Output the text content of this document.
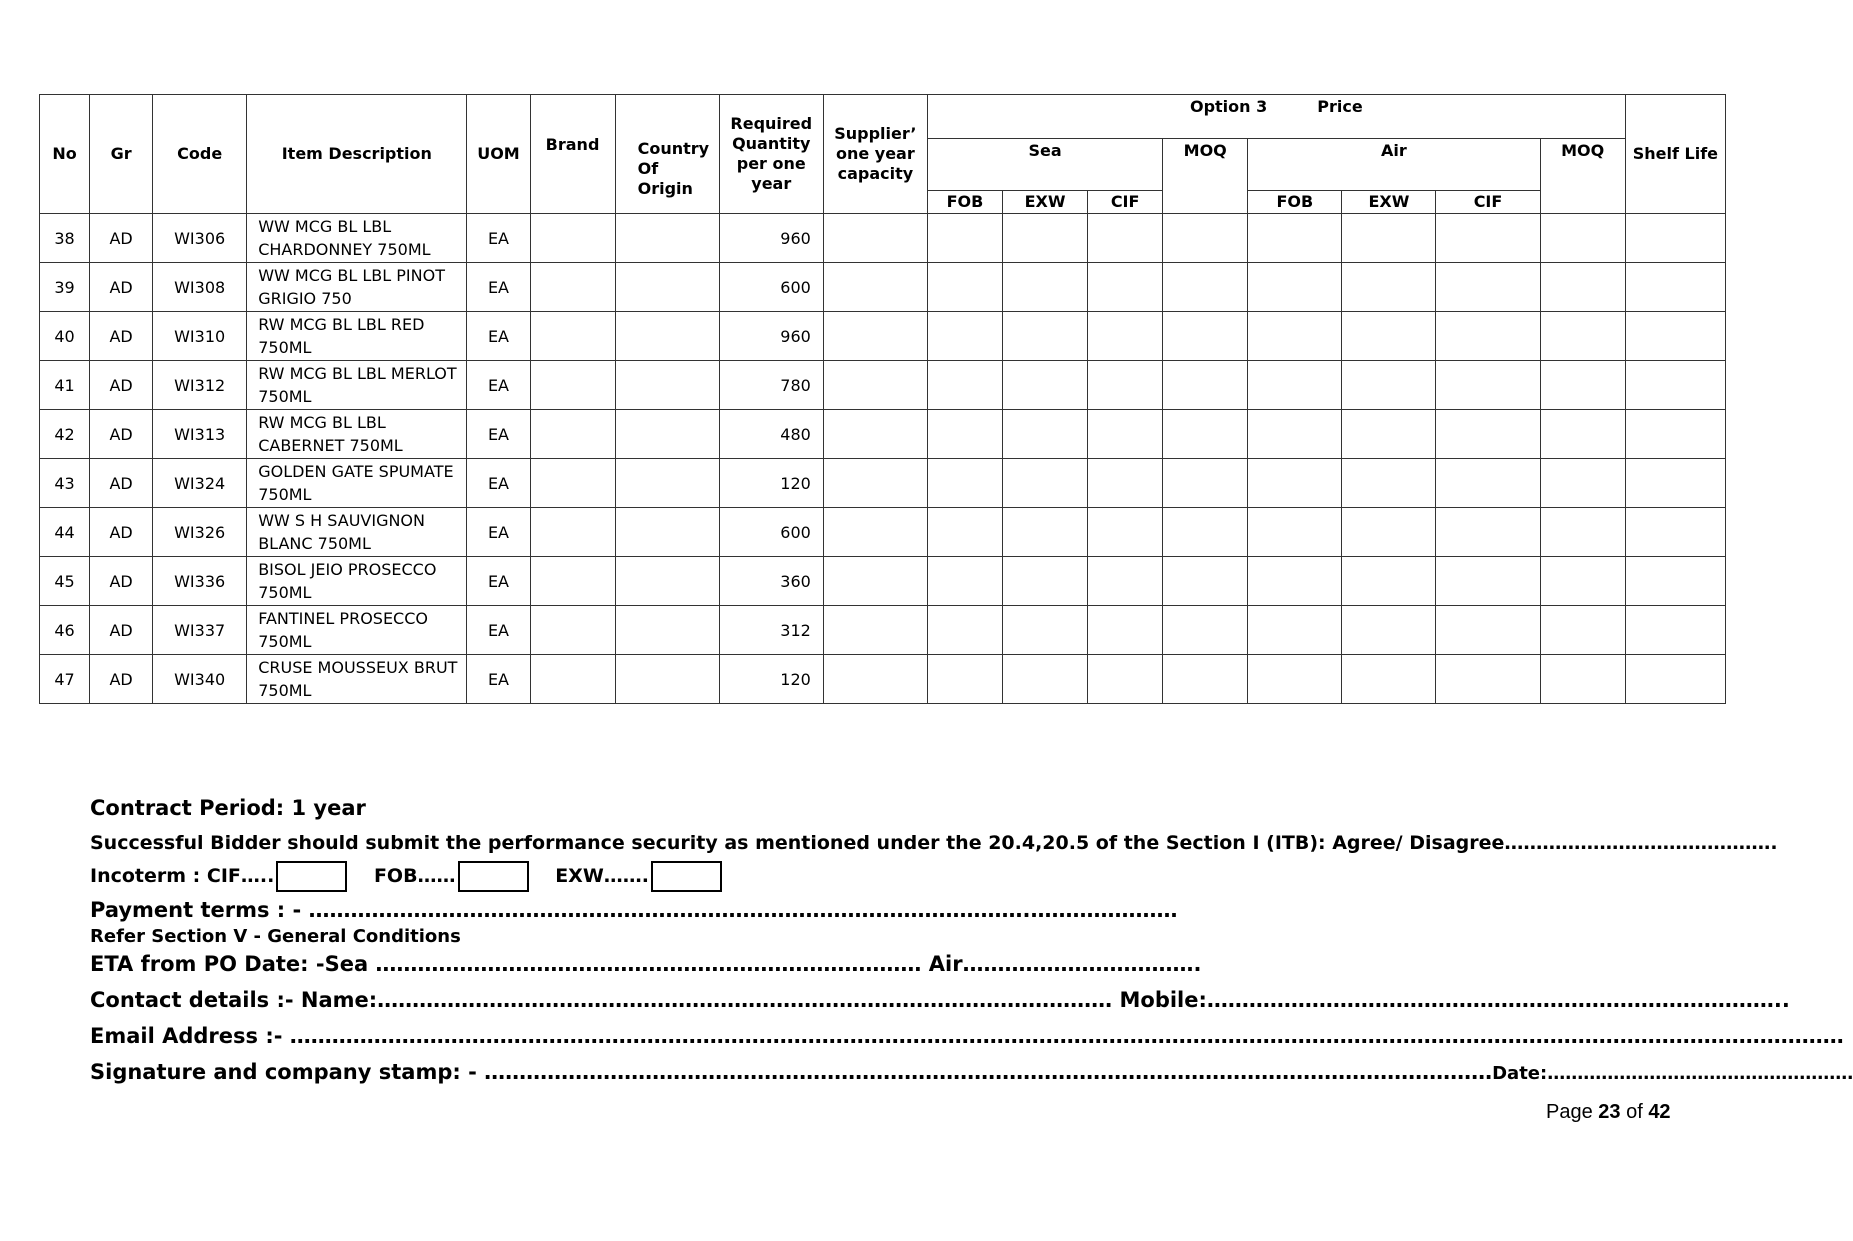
No	Gr	Code	Item Description	UOM	Brand	Country Of Origin	Required Quantity per one year	Supplier’ one year capacity	Option 3 Price								Shelf Life
									Sea			MOQ	Air			MOQ	
									FOB	EXW	CIF		FOB	EXW	CIF		
38	AD	WI306	WW MCG BL LBL CHARDONNEY 750ML	EA			960										
39	AD	WI308	WW MCG BL LBL PINOT GRIGIO 750	EA			600										
40	AD	WI310	RW MCG BL LBL RED 750ML	EA			960										
41	AD	WI312	RW MCG BL LBL MERLOT 750ML	EA			780										
42	AD	WI313	RW MCG BL LBL CABERNET 750ML	EA			480										
43	AD	WI324	GOLDEN GATE SPUMATE 750ML	EA			120										
44	AD	WI326	WW S H SAUVIGNON BLANC 750ML	EA			600										
45	AD	WI336	BISOL JEIO PROSECCO 750ML	EA			360										
46	AD	WI337	FANTINEL PROSECCO 750ML	EA			312										
47	AD	WI340	CRUSE MOUSSEUX BRUT 750ML	EA			120										
Contract Period: 1 year
Successful Bidder should submit the performance security as mentioned under the 20.4,20.5 of the Section I (ITB): Agree/ Disagree…………………………………….
Incoterm : CIF…..	FOB……	EXW…….
Payment terms : - ………………………………………………………………………………………….…………………
Refer Section V - General Conditions
ETA from PO Date: -Sea …………………………………………………………………… Air…………………………….
Contact details :- Name:…………………………………………………………………………………………… Mobile:………………………………………………………………………..
Email Address :- ……………………………………………………………………………………………………………………………………………………………………………………………………
Signature and company stamp: - ………………………………………………………………………………………………………………………………Date:……………………………………………
Page 23 of 42
